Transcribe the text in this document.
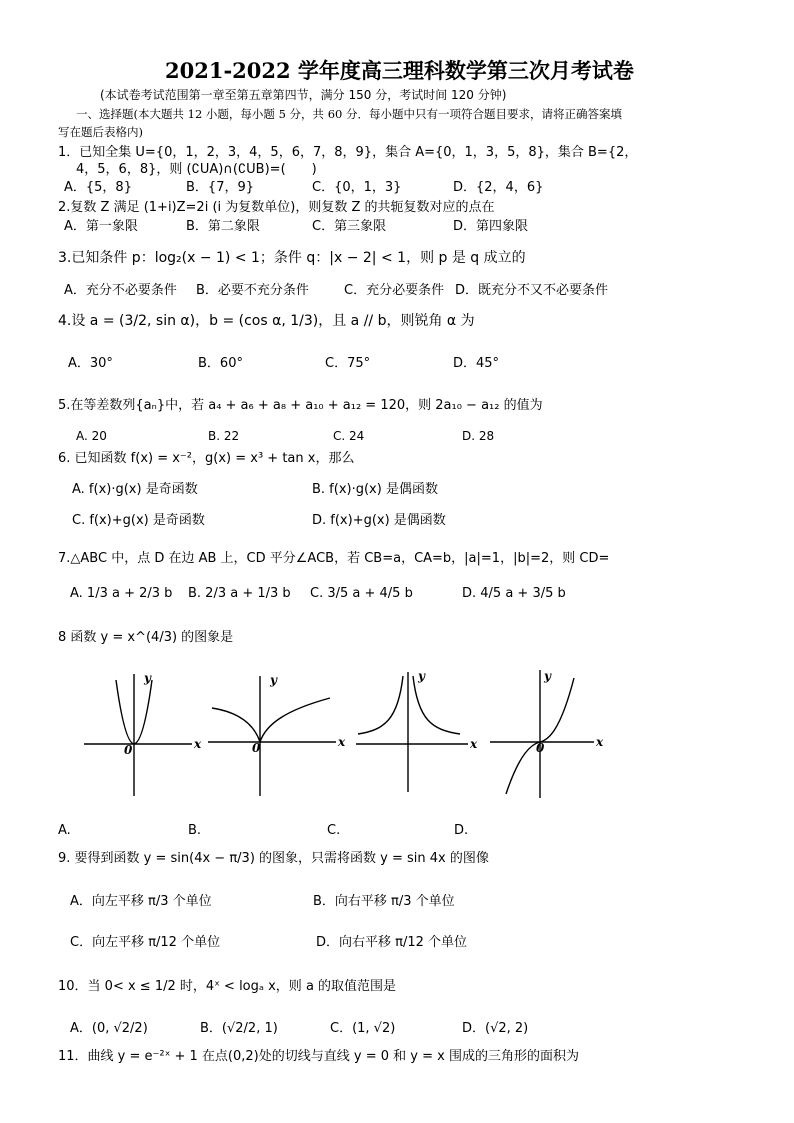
2021-2022 学年度高三理科数学第三次月考试卷
(本试卷考试范围第一章至第五章第四节，满分 150 分，考试时间 120 分钟)
一、选择题(本大题共 12 小题，每小题 5 分，共 60 分．每小题中只有一项符合题目要求，请将正确答案填
写在题后表格内)
1．已知全集 U={0，1，2，3，4，5，6，7，8，9}，集合 A={0，1，3，5，8}，集合 B={2，
4，5，6，8}，则 (∁UA)∩(∁UB)=(　　)
A．{5，8}	B．{7，9}	C．{0，1，3}	D．{2，4，6}
2.复数 Z 满足 (1+i)Z=2i (i 为复数单位)，则复数 Z 的共轭复数对应的点在
A．第一象限	B．第二象限	C．第三象限	D．第四象限
3.已知条件 p：log₂(x − 1) < 1；条件 q：|x − 2| < 1，则 p 是 q 成立的
A．充分不必要条件 B．必要不充分条件	C．充分必要条件 D．既充分不又不必要条件
4.设 a = (3/2, sin α)，b = (cos α, 1/3)，且 a // b，则锐角 α 为
A．30°	B．60°	C．75°	D．45°
5.在等差数列{aₙ}中，若 a₄ + a₆ + a₈ + a₁₀ + a₁₂ = 120，则 2a₁₀ − a₁₂ 的值为
A. 20	B. 22	C. 24	D. 28
6. 已知函数 f(x) = x⁻²，g(x) = x³ + tan x，那么
A. f(x)·g(x) 是奇函数	B. f(x)·g(x) 是偶函数
C. f(x)+g(x) 是奇函数	D. f(x)+g(x) 是偶函数
7.△ABC 中，点 D 在边 AB 上，CD 平分∠ACB，若 CB=a，CA=b，|a|=1，|b|=2，则 CD=
A. 1/3 a + 2/3 b B. 2/3 a + 1/3 b C. 3/5 a + 4/5 b	D. 4/5 a + 3/5 b
8 函数 y = x^(4/3) 的图象是
y
x
0
y
x
0
y
x
y
x
0
A.	B.	C.	D.
9. 要得到函数 y = sin(4x − π/3) 的图象，只需将函数 y = sin 4x 的图像
A．向左平移 π/3 个单位	B．向右平移 π/3 个单位
C．向左平移 π/12 个单位	D．向右平移 π/12 个单位
10．当 0< x ≤ 1/2 时，4ˣ < logₐ x，则 a 的取值范围是
A．(0, √2/2)	B．(√2/2, 1)	C．(1, √2)	D．(√2, 2)
11．曲线 y = e⁻²ˣ + 1 在点(0,2)处的切线与直线 y = 0 和 y = x 围成的三角形的面积为
